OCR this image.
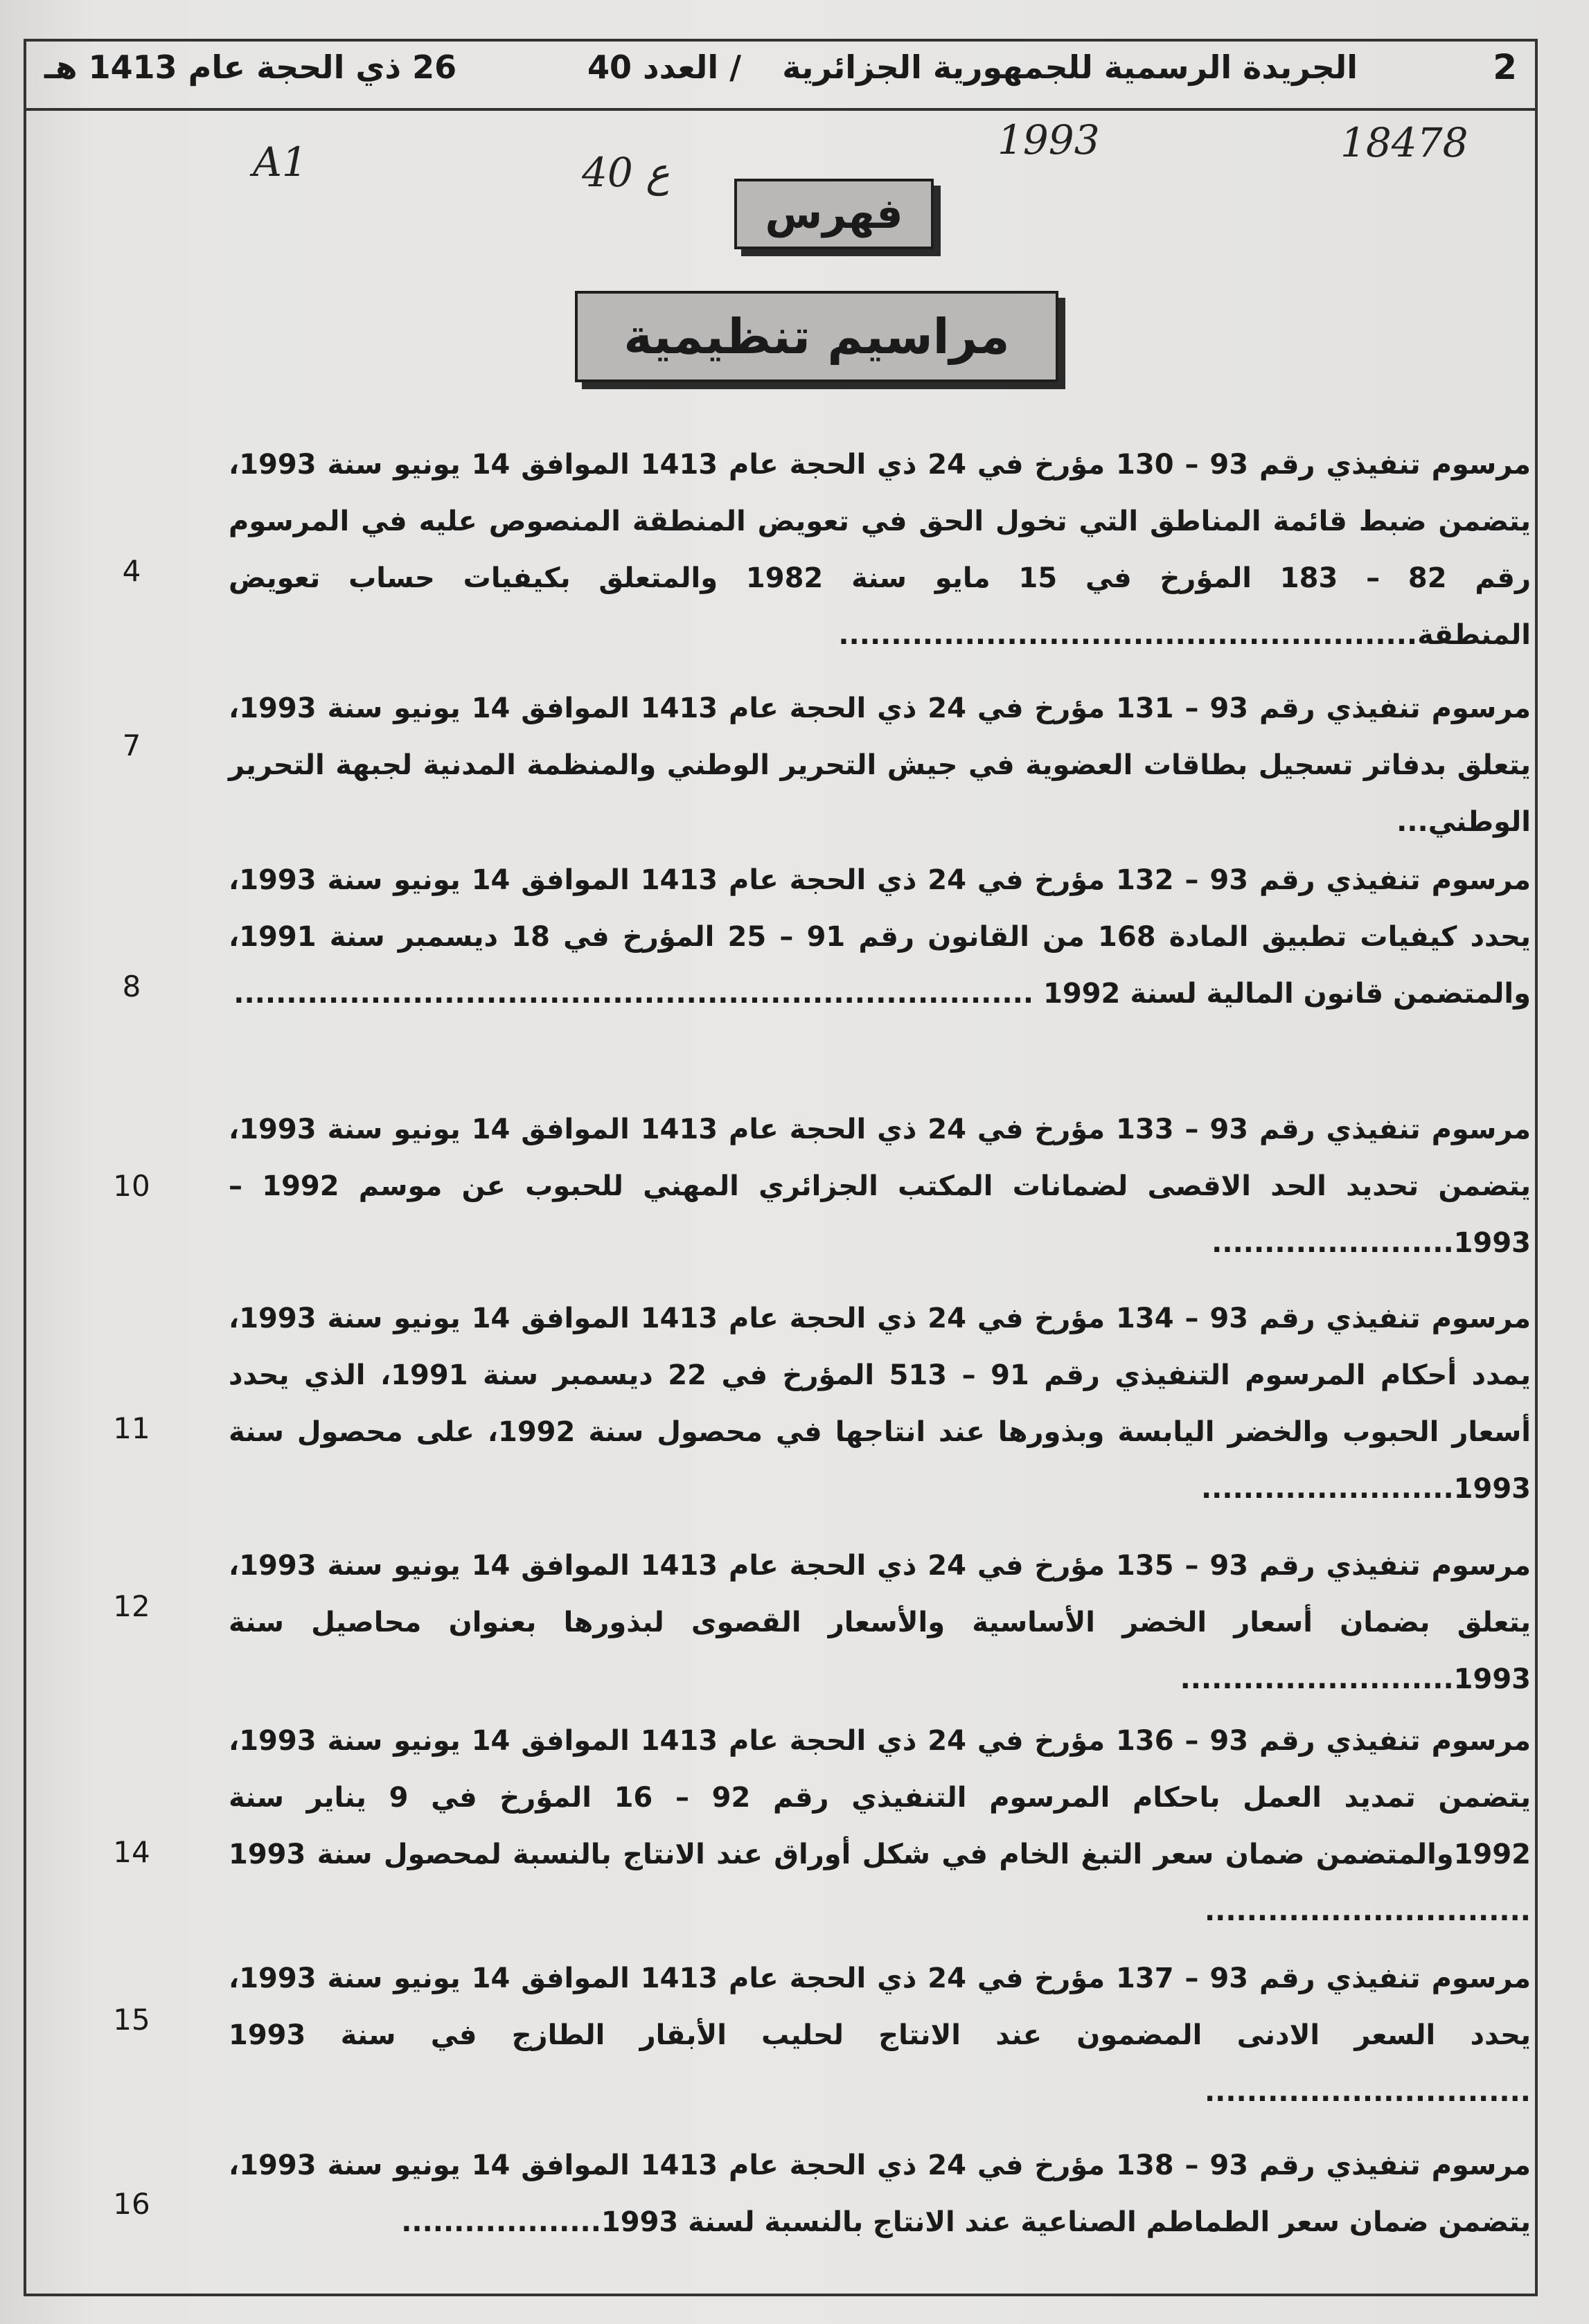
2
الجريدة الرسمية للجمهورية الجزائرية
/ العدد 40
26 ذي الحجة عام 1413 هـ
18478
1993
40 ع
A1
فهرس
مراسيم تنظيمية
مرسوم تنفيذي رقم 93 – 130 مؤرخ في 24 ذي الحجة عام 1413 الموافق 14 يونيو سنة 1993، يتضمن ضبط قائمة المناطق التي تخول الحق في تعويض المنطقة المنصوص عليه في المرسوم رقم 82 – 183 المؤرخ في 15 مايو سنة 1982 والمتعلق بكيفيات حساب تعويض المنطقة.......................................................
4
مرسوم تنفيذي رقم 93 – 131 مؤرخ في 24 ذي الحجة عام 1413 الموافق 14 يونيو سنة 1993، يتعلق بدفاتر تسجيل بطاقات العضوية في جيش التحرير الوطني والمنظمة المدنية لجبهة التحرير الوطني...
7
مرسوم تنفيذي رقم 93 – 132 مؤرخ في 24 ذي الحجة عام 1413 الموافق 14 يونيو سنة 1993، يحدد كيفيات تطبيق المادة 168 من القانون رقم 91 – 25 المؤرخ في 18 ديسمبر سنة 1991، والمتضمن قانون المالية لسنة 1992 ............................................................................
8
مرسوم تنفيذي رقم 93 – 133 مؤرخ في 24 ذي الحجة عام 1413 الموافق 14 يونيو سنة 1993، يتضمن تحديد الحد الاقصى لضمانات المكتب الجزائري المهني للحبوب عن موسم 1992 – 1993.......................
10
مرسوم تنفيذي رقم 93 – 134 مؤرخ في 24 ذي الحجة عام 1413 الموافق 14 يونيو سنة 1993، يمدد أحكام المرسوم التنفيذي رقم 91 – 513 المؤرخ في 22 ديسمبر سنة 1991، الذي يحدد أسعار الحبوب والخضر اليابسة وبذورها عند انتاجها في محصول سنة 1992، على محصول سنة 1993........................
11
مرسوم تنفيذي رقم 93 – 135 مؤرخ في 24 ذي الحجة عام 1413 الموافق 14 يونيو سنة 1993، يتعلق بضمان أسعار الخضر الأساسية والأسعار القصوى لبذورها بعنوان محاصيل سنة 1993..........................
12
مرسوم تنفيذي رقم 93 – 136 مؤرخ في 24 ذي الحجة عام 1413 الموافق 14 يونيو سنة 1993، يتضمن تمديد العمل باحكام المرسوم التنفيذي رقم 92 – 16 المؤرخ في 9 يناير سنة 1992والمتضمن ضمان سعر التبغ الخام في شكل أوراق عند الانتاج بالنسبة لمحصول سنة 1993 ...............................
14
مرسوم تنفيذي رقم 93 – 137 مؤرخ في 24 ذي الحجة عام 1413 الموافق 14 يونيو سنة 1993، يحدد السعر الادنى المضمون عند الانتاج لحليب الأبقار الطازج في سنة 1993 ...............................
15
مرسوم تنفيذي رقم 93 – 138 مؤرخ في 24 ذي الحجة عام 1413 الموافق 14 يونيو سنة 1993، يتضمن ضمان سعر الطماطم الصناعية عند الانتاج بالنسبة لسنة 1993...................
16
